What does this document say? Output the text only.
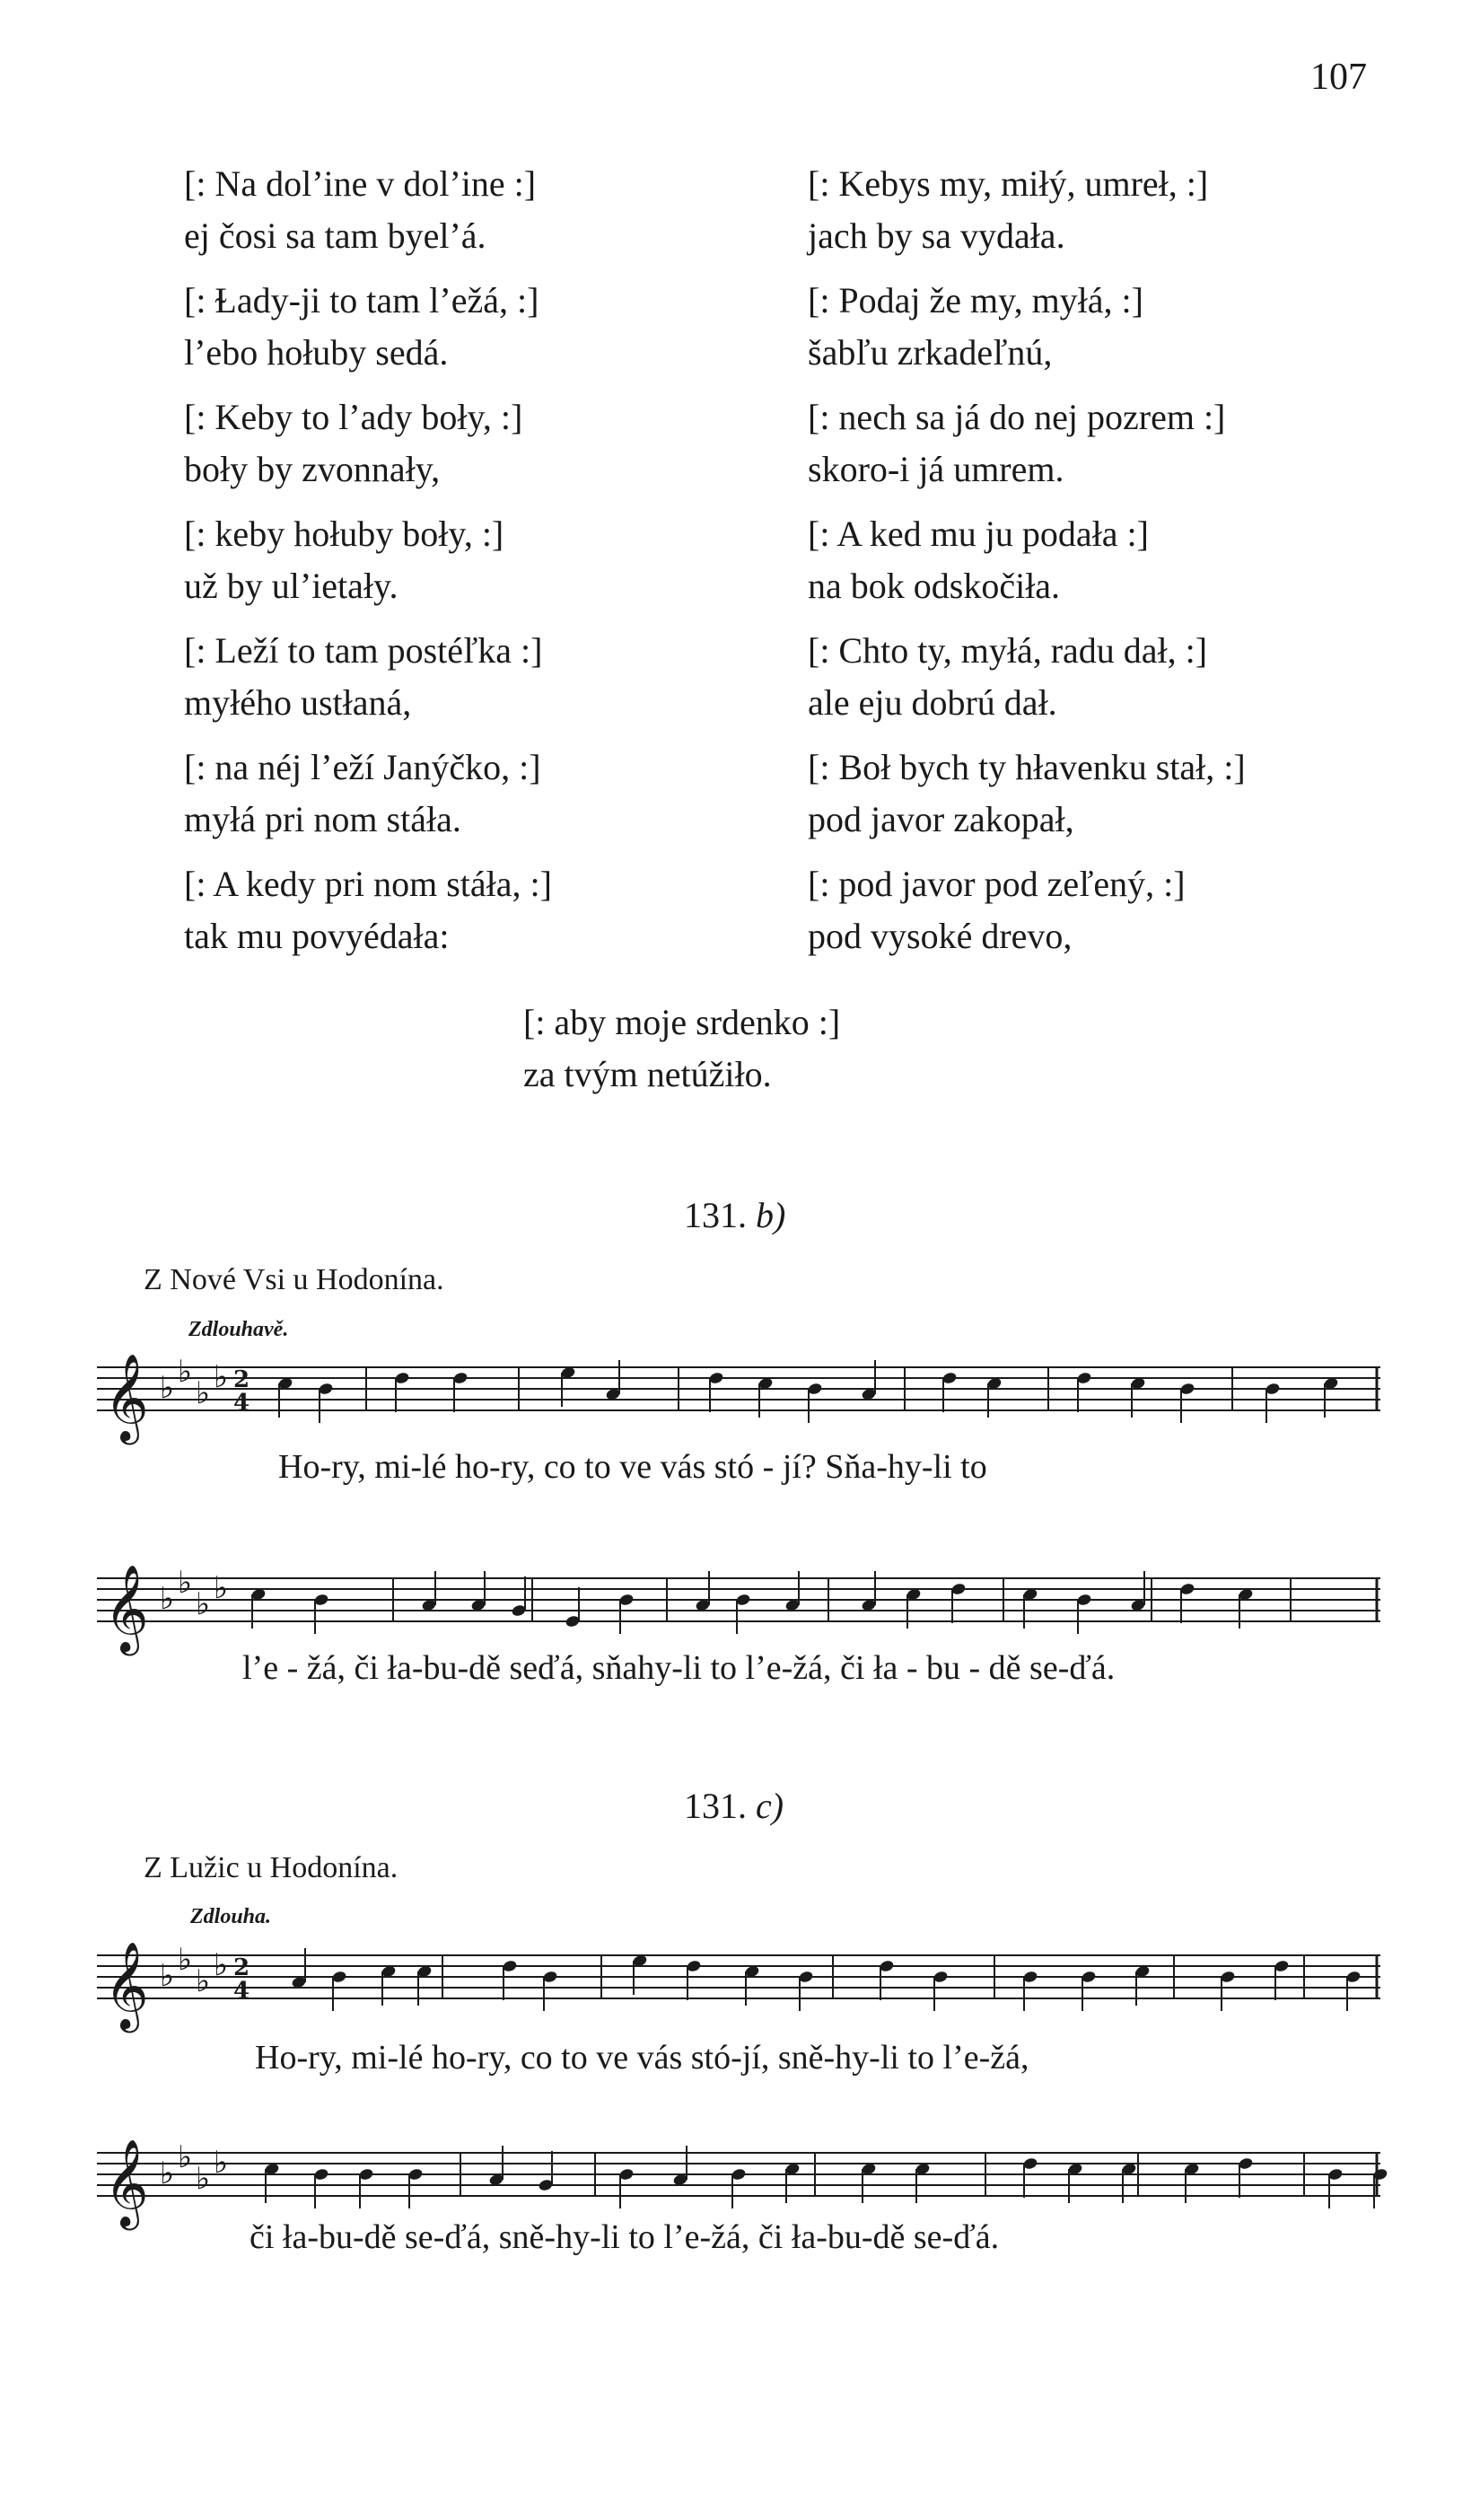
107
[: Na dolʼine v dolʼine :]
ej čosi sa tam byelʼá.
[: Ɫady-ji to tam lʼežá, :]
lʼebo hołuby sedá.
[: Keby to lʼady boły, :]
boły by zvonnały,
[: keby hołuby boły, :]
už by ulʼietały.
[: Leží to tam postéľka :]
myłého ustłaná,
[: na néj lʼeží Janýčko, :]
myłá pri nom stáła.
[: A kedy pri nom stáła, :]
tak mu povyédała:
[: Kebys my, miłý, umreł, :]
jach by sa vydała.
[: Podaj že my, myłá, :]
šabľu zrkadeľnú,
[: nech sa já do nej pozrem :]
skoro-i já umrem.
[: A ked mu ju podała :]
na bok odskočiła.
[: Chto ty, myłá, radu dał, :]
ale eju dobrú dał.
[: Boł bych ty hłavenku stał, :]
pod javor zakopał,
[: pod javor pod zeľený, :]
pod vysoké drevo,
[: aby moje srdenko :]
za tvým netúžiło.
131. b)
Z Nové Vsi u Hodonína.
Zdlouhavě.
𝄞 ♭ ♭
♭ ♭ 2
4
Ho-ry, mi-lé ho-ry, co to ve vás stó - jí? Sňa-hy-li to
𝄞 ♭ ♭
♭ ♭
lʼe - žá, či ła-bu-dě seďá, sňahy-li to lʼe-žá, či ła - bu - dě se-ďá.
131. c)
Z Lužic u Hodonína.
Zdlouha.
𝄞 ♭ ♭
♭ ♭ 2
4
Ho-ry, mi-lé ho-ry, co to ve vás stó-jí, sně-hy-li to lʼe-žá,
𝄞 ♭ ♭
♭ ♭
či ła-bu-dě se-ďá, sně-hy-li to lʼe-žá, či ła-bu-dě se-ďá.
